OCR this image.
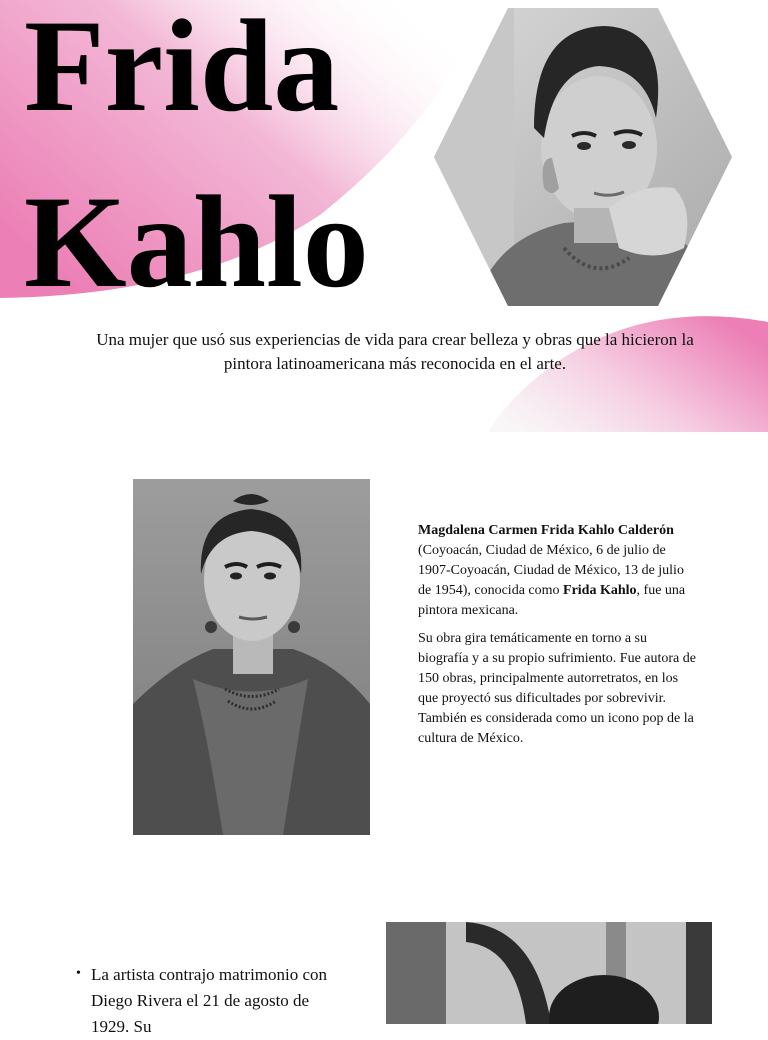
Frida
Kahlo

Una mujer que usó sus experiencias de vida para crear belleza y obras que la hicieron la pintora latinoamericana más reconocida en el arte.

Magdalena Carmen Frida Kahlo Calderón (Coyoacán, Ciudad de México, 6 de julio de 1907-Coyoacán, Ciudad de México, 13 de julio de 1954), conocida como Frida Kahlo, fue una pintora mexicana.

Su obra gira temáticamente en torno a su biografía y a su propio sufrimiento. Fue autora de 150 obras, principalmente autorretratos, en los que proyectó sus dificultades por sobrevivir. También es considerada como un icono pop de la cultura de México.

• La artista contrajo matrimonio con Diego Rivera el 21 de agosto de 1929. Su
